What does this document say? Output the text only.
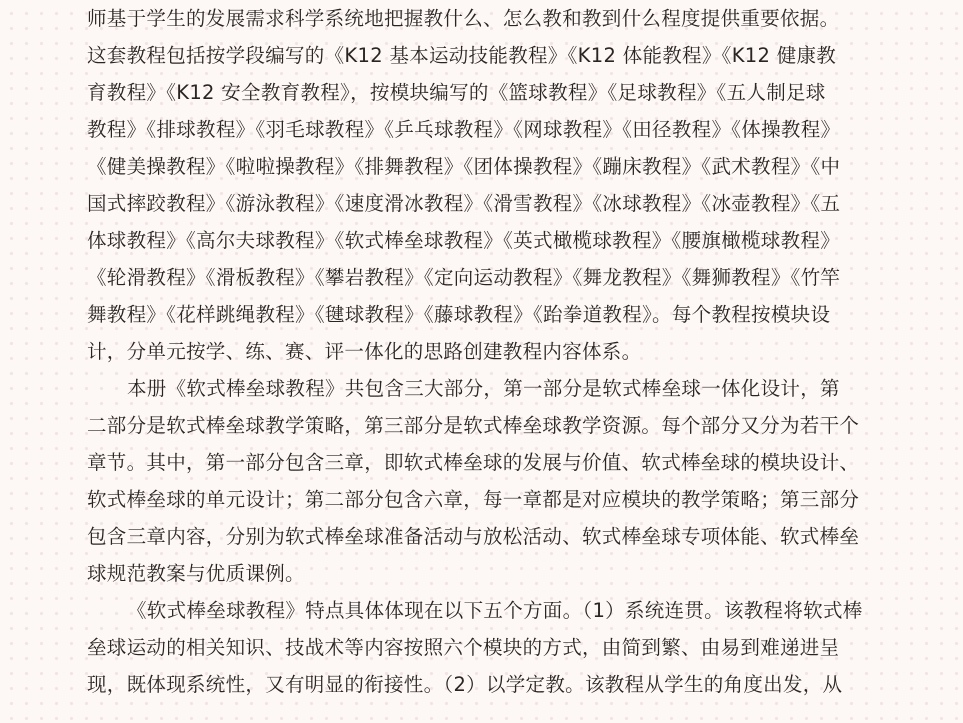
师基于学生的发展需求科学系统地把握教什么、怎么教和教到什么程度提供重要依据。
这套教程包括按学段编写的《K12 基本运动技能教程》《K12 体能教程》《K12 健康教
育教程》《K12 安全教育教程》，按模块编写的《篮球教程》《足球教程》《五人制足球
教程》《排球教程》《羽毛球教程》《乒乓球教程》《网球教程》《田径教程》《体操教程》
《健美操教程》《啦啦操教程》《排舞教程》《团体操教程》《蹦床教程》《武术教程》《中
国式摔跤教程》《游泳教程》《速度滑冰教程》《滑雪教程》《冰球教程》《冰壶教程》《五
体球教程》《高尔夫球教程》《软式棒垒球教程》《英式橄榄球教程》《腰旗橄榄球教程》
《轮滑教程》《滑板教程》《攀岩教程》《定向运动教程》《舞龙教程》《舞狮教程》《竹竿
舞教程》《花样跳绳教程》《毽球教程》《藤球教程》《跆拳道教程》。每个教程按模块设
计，分单元按学、练、赛、评一体化的思路创建教程内容体系。
本册《软式棒垒球教程》共包含三大部分，第一部分是软式棒垒球一体化设计，第
二部分是软式棒垒球教学策略，第三部分是软式棒垒球教学资源。每个部分又分为若干个
章节。其中，第一部分包含三章，即软式棒垒球的发展与价值、软式棒垒球的模块设计、
软式棒垒球的单元设计；第二部分包含六章，每一章都是对应模块的教学策略；第三部分
包含三章内容，分别为软式棒垒球准备活动与放松活动、软式棒垒球专项体能、软式棒垒
球规范教案与优质课例。
《软式棒垒球教程》特点具体体现在以下五个方面。（1）系统连贯。该教程将软式棒
垒球运动的相关知识、技战术等内容按照六个模块的方式，由简到繁、由易到难递进呈
现，既体现系统性，又有明显的衔接性。（2）以学定教。该教程从学生的角度出发，从
